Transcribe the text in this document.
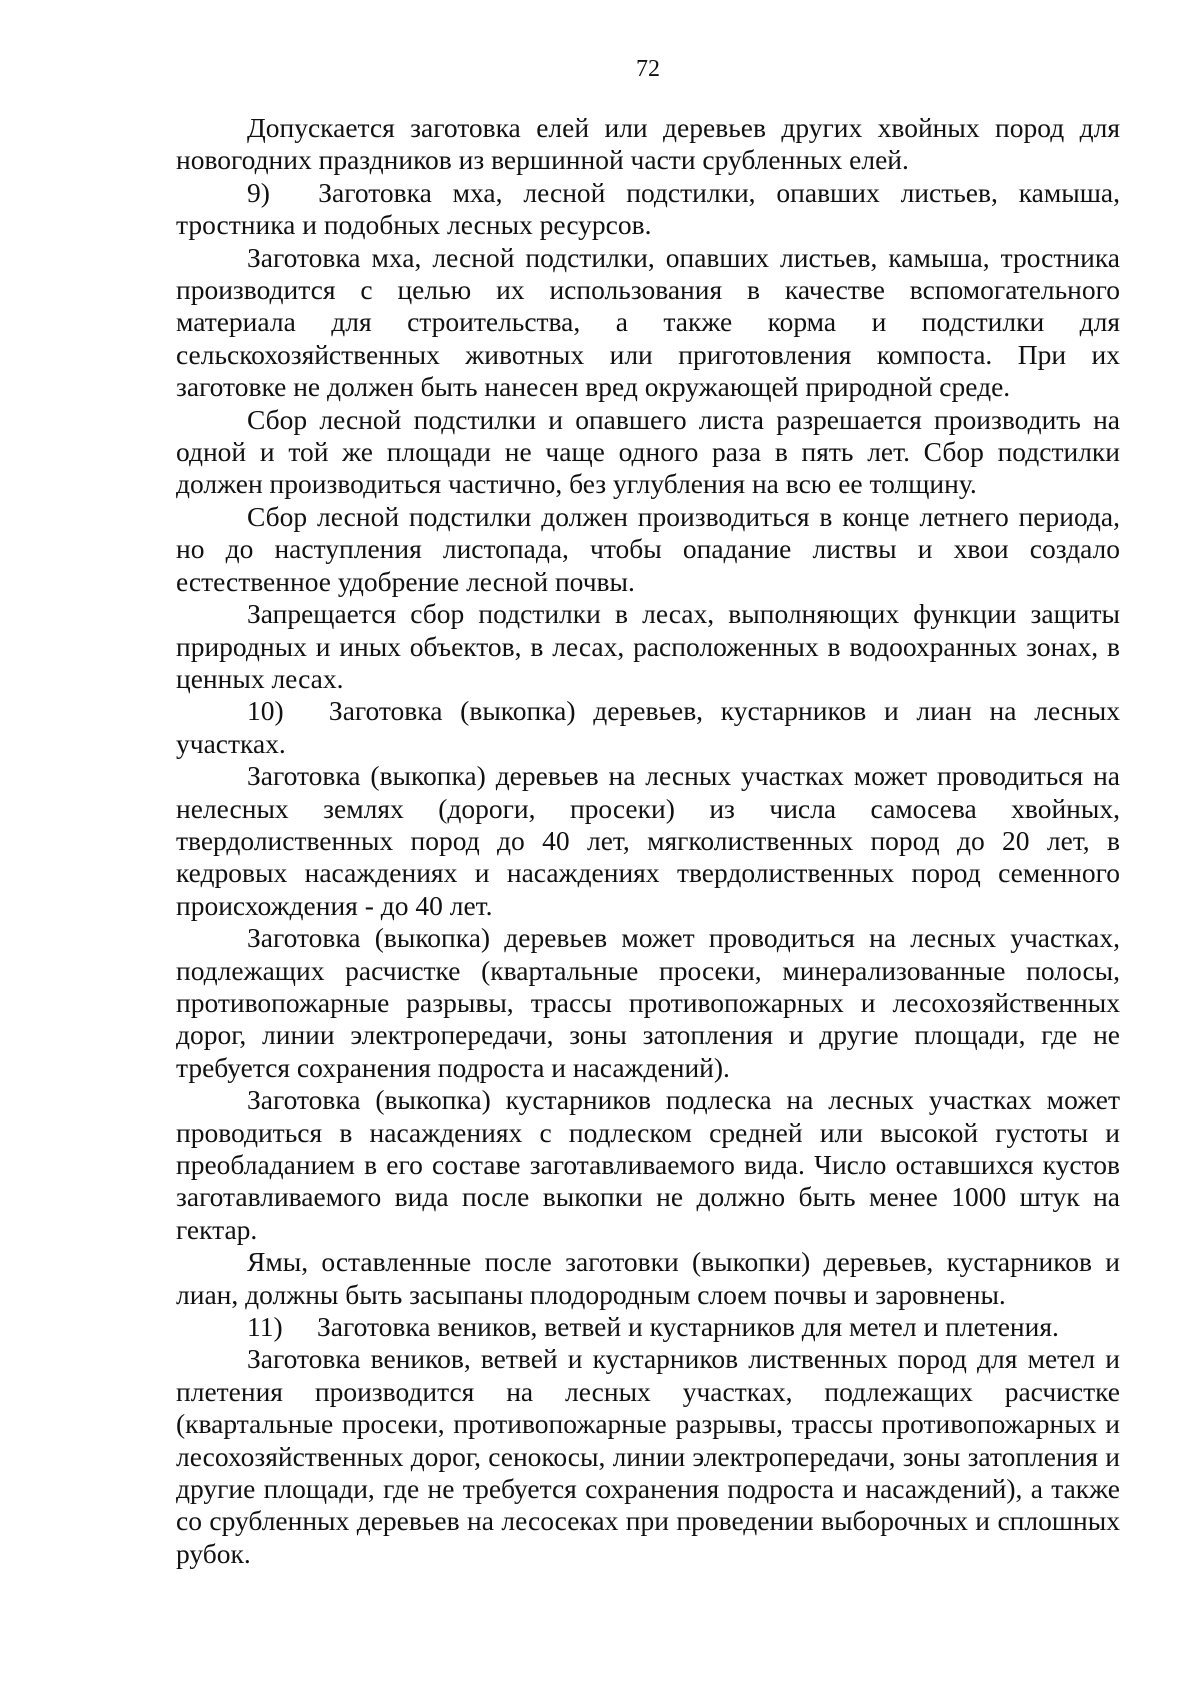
72

Допускается заготовка елей или деревьев других хвойных пород для новогодних праздников из вершинной части срубленных елей.

9)  Заготовка мха, лесной подстилки, опавших листьев, камыша, тростника и подобных лесных ресурсов.

Заготовка мха, лесной подстилки, опавших листьев, камыша, тростника производится с целью их использования в качестве вспомогательного материала для строительства, а также корма и подстилки для сельскохозяйственных животных или приготовления компоста. При их заготовке не должен быть нанесен вред окружающей природной среде.

Сбор лесной подстилки и опавшего листа разрешается производить на одной и той же площади не чаще одного раза в пять лет. Сбор подстилки должен производиться частично, без углубления на всю ее толщину.

Сбор лесной подстилки должен производиться в конце летнего периода, но до наступления листопада, чтобы опадание листвы и хвои создало естественное удобрение лесной почвы.

Запрещается сбор подстилки в лесах, выполняющих функции защиты природных и иных объектов, в лесах, расположенных в водоохранных зонах, в ценных лесах.

10)  Заготовка (выкопка) деревьев, кустарников и лиан на лесных участках.

Заготовка (выкопка) деревьев на лесных участках может проводиться на нелесных землях (дороги, просеки) из числа самосева хвойных, твердолиственных пород до 40 лет, мягколиственных пород до 20 лет, в кедровых насаждениях и насаждениях твердолиственных пород семенного происхождения - до 40 лет.

Заготовка (выкопка) деревьев может проводиться на лесных участках, подлежащих расчистке (квартальные просеки, минерализованные полосы, противопожарные разрывы, трассы противопожарных и лесохозяйственных дорог, линии электропередачи, зоны затопления и другие площади, где не требуется сохранения подроста и насаждений).

Заготовка (выкопка) кустарников подлеска на лесных участках может проводиться в насаждениях с подлеском средней или высокой густоты и преобладанием в его составе заготавливаемого вида. Число оставшихся кустов заготавливаемого вида после выкопки не должно быть менее 1000 штук на гектар.

Ямы, оставленные после заготовки (выкопки) деревьев, кустарников и лиан, должны быть засыпаны плодородным слоем почвы и заровнены.

11)  Заготовка веников, ветвей и кустарников для метел и плетения.

Заготовка веников, ветвей и кустарников лиственных пород для метел и плетения производится на лесных участках, подлежащих расчистке (квартальные просеки, противопожарные разрывы, трассы противопожарных и лесохозяйственных дорог, сенокосы, линии электропередачи, зоны затопления и другие площади, где не требуется сохранения подроста и насаждений), а также со срубленных деревьев на лесосеках при проведении выборочных и сплошных рубок.
